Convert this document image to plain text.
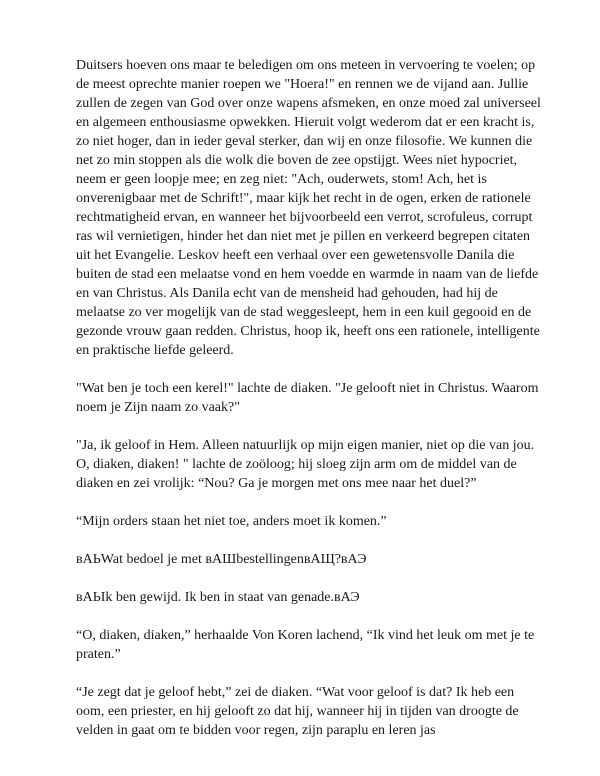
Duitsers hoeven ons maar te beledigen om ons meteen in vervoering te voelen; op de meest oprechte manier roepen we "Hoera!" en rennen we de vijand aan. Jullie zullen de zegen van God over onze wapens afsmeken, en onze moed zal universeel en algemeen enthousiasme opwekken. Hieruit volgt wederom dat er een kracht is, zo niet hoger, dan in ieder geval sterker, dan wij en onze filosofie. We kunnen die net zo min stoppen als die wolk die boven de zee opstijgt. Wees niet hypocriet, neem er geen loopje mee; en zeg niet: "Ach, ouderwets, stom! Ach, het is onverenigbaar met de Schrift!", maar kijk het recht in de ogen, erken de rationele rechtmatigheid ervan, en wanneer het bijvoorbeeld een verrot, scrofuleus, corrupt ras wil vernietigen, hinder het dan niet met je pillen en verkeerd begrepen citaten uit het Evangelie. Leskov heeft een verhaal over een gewetensvolle Danila die buiten de stad een melaatse vond en hem voedde en warmde in naam van de liefde en van Christus. Als Danila echt van de mensheid had gehouden, had hij de melaatse zo ver mogelijk van de stad weggesleept, hem in een kuil gegooid en de gezonde vrouw gaan redden. Christus, hoop ik, heeft ons een rationele, intelligente en praktische liefde geleerd.

"Wat ben je toch een kerel!" lachte de diaken. "Je gelooft niet in Christus. Waarom noem je Zijn naam zo vaak?"

"Ja, ik geloof in Hem. Alleen natuurlijk op mijn eigen manier, niet op die van jou. O, diaken, diaken! " lachte de zoöloog; hij sloeg zijn arm om de middel van de diaken en zei vrolijk: “Nou? Ga je morgen met ons mee naar het duel?”

“Mijn orders staan het niet toe, anders moet ik komen.”

вАЬWat bedoel je met вАШbestellingenвАЩ?вАЭ

вАЬIk ben gewijd. Ik ben in staat van genade.вАЭ

“O, diaken, diaken,” herhaalde Von Koren lachend, “Ik vind het leuk om met je te praten.”

“Je zegt dat je geloof hebt,” zei de diaken. “Wat voor geloof is dat? Ik heb een oom, een priester, en hij gelooft zo dat hij, wanneer hij in tijden van droogte de velden in gaat om te bidden voor regen, zijn paraplu en leren jas
